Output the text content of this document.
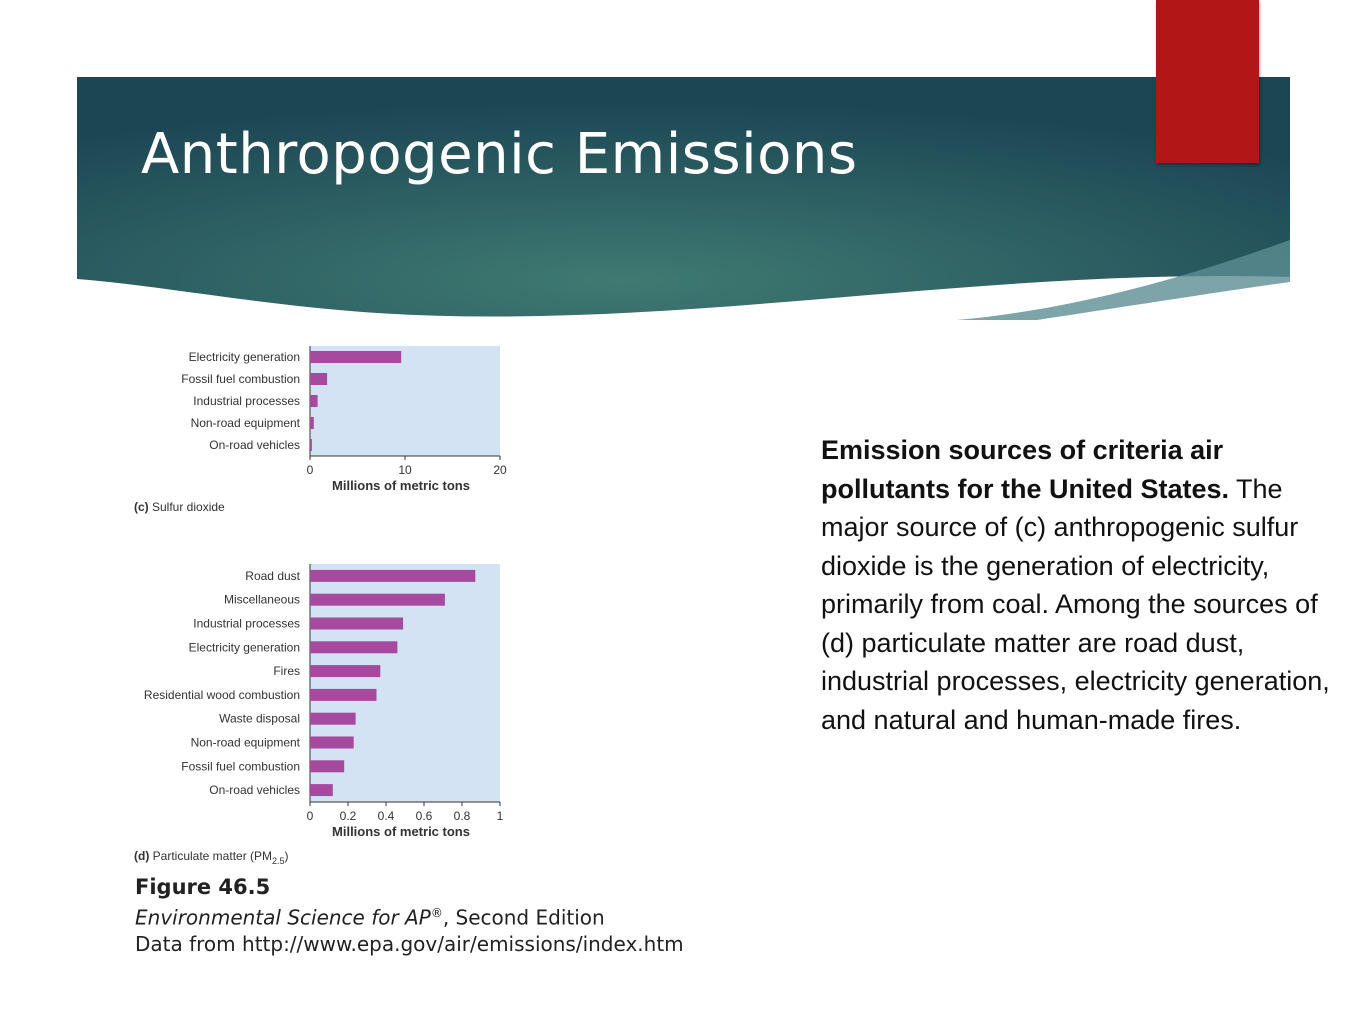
Anthropogenic Emissions
Electricity generation
Fossil fuel combustion
Industrial processes
Non-road equipment
On-road vehicles
0	10	20
Millions of metric tons
(c) Sulfur dioxide
Road dust
Miscellaneous
Industrial processes
Electricity generation
Fires
Residential wood combustion
Waste disposal
Non-road equipment
Fossil fuel combustion
On-road vehicles
0 0.2 0.4 0.6 0.8 1
Millions of metric tons
(d) Particulate matter $(PM_{2.5})$
Emission sources of criteria air pollutants for the United States. The major source of (c) anthropogenic sulfur dioxide is the generation of electricity, primarily from coal. Among the sources of (d) particulate matter are road dust, industrial processes, electricity generation, and natural and human-made fires.
Figure 46.5
Environmental Science for AP®, Second Edition
Data from http://www.epa.gov/air/emissions/index.htm
